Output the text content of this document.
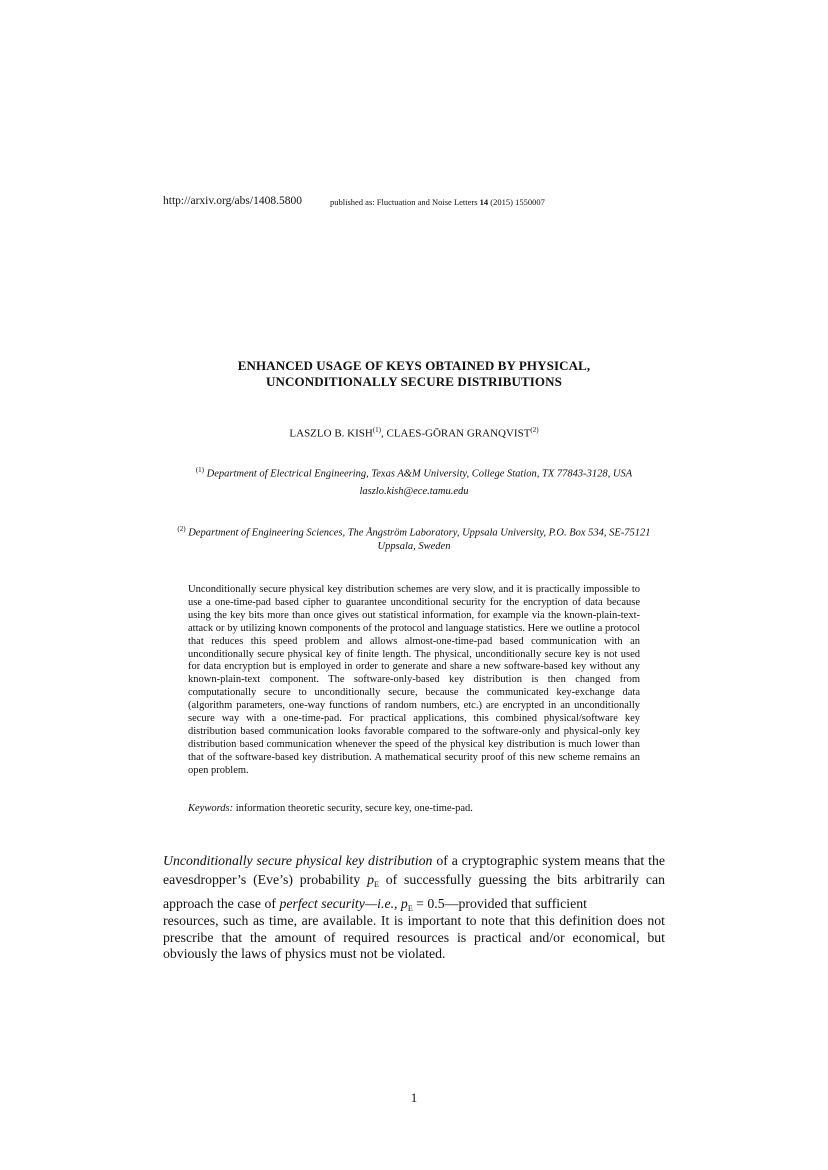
http://arxiv.org/abs/1408.5800	published as: Fluctuation and Noise Letters 14 (2015) 1550007
ENHANCED USAGE OF KEYS OBTAINED BY PHYSICAL,
UNCONDITIONALLY SECURE DISTRIBUTIONS
LASZLO B. KISH$^{(1)}$, CLAES-GÖRAN GRANQVIST$^{(2)}$
$^{(1)}$ Department of Electrical Engineering, Texas A&M University, College Station, TX 77843-3128, USA
laszlo.kish@ece.tamu.edu
$^{(2)}$ Department of Engineering Sciences, The Ångström Laboratory, Uppsala University, P.O. Box 534, SE-75121 Uppsala, Sweden
Unconditionally secure physical key distribution schemes are very slow, and it is practically impossible to use a one-time-pad based cipher to guarantee unconditional security for the encryption of data because using the key bits more than once gives out statistical information, for example via the known-plain-text-attack or by utilizing known components of the protocol and language statistics. Here we outline a protocol that reduces this speed problem and allows almost-one-time-pad based communication with an unconditionally secure physical key of finite length. The physical, unconditionally secure key is not used for data encryption but is employed in order to generate and share a new software-based key without any known-plain-text component. The software-only-based key distribution is then changed from computationally secure to unconditionally secure, because the communicated key-exchange data (algorithm parameters, one-way functions of random numbers, etc.) are encrypted in an unconditionally secure way with a one-time-pad. For practical applications, this combined physical/software key distribution based communication looks favorable compared to the software-only and physical-only key distribution based communication whenever the speed of the physical key distribution is much lower than that of the software-based key distribution. A mathematical security proof of this new scheme remains an open problem.
Keywords: information theoretic security, secure key, one-time-pad.
Unconditionally secure physical key distribution of a cryptographic system means that the eavesdropper’s (Eve’s) probability $p_E$ of successfully guessing the bits arbitrarily can approach the case of perfect security—i.e., $p_E$ = 0.5—provided that sufficient
resources, such as time, are available. It is important to note that this definition does not prescribe that the amount of required resources is practical and/or economical, but obviously the laws of physics must not be violated.
1
